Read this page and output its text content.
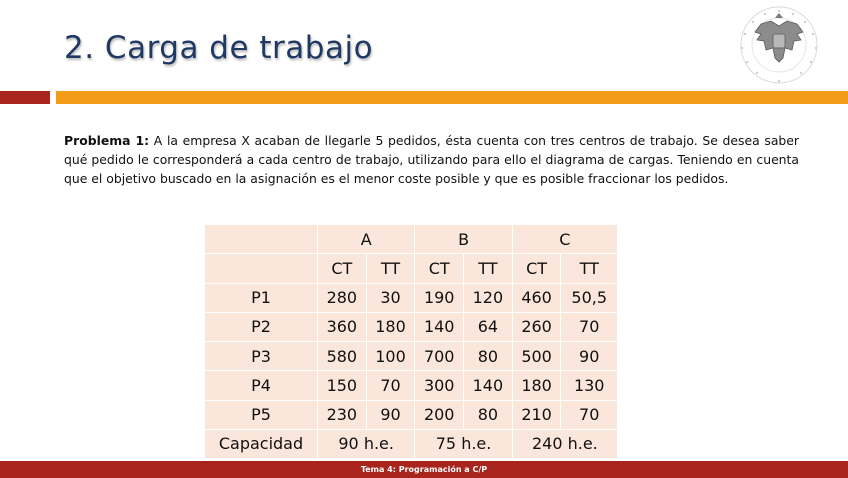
2. Carga de trabajo

Problema 1: A la empresa X acaban de llegarle 5 pedidos, ésta cuenta con tres centros de trabajo. Se desea saber qué pedido le corresponderá a cada centro de trabajo, utilizando para ello el diagrama de cargas. Teniendo en cuenta que el objetivo buscado en la asignación es el menor coste posible y que es posible fraccionar los pedidos.

	A		B		C	
	CT	TT	CT	TT	CT	TT
P1	280	30	190	120	460	50,5
P2	360	180	140	64	260	70
P3	580	100	700	80	500	90
P4	150	70	300	140	180	130
P5	230	90	200	80	210	70
Capacidad	90 h.e.		75 h.e.		240 h.e.	
Tema 4: Programación a C/P
